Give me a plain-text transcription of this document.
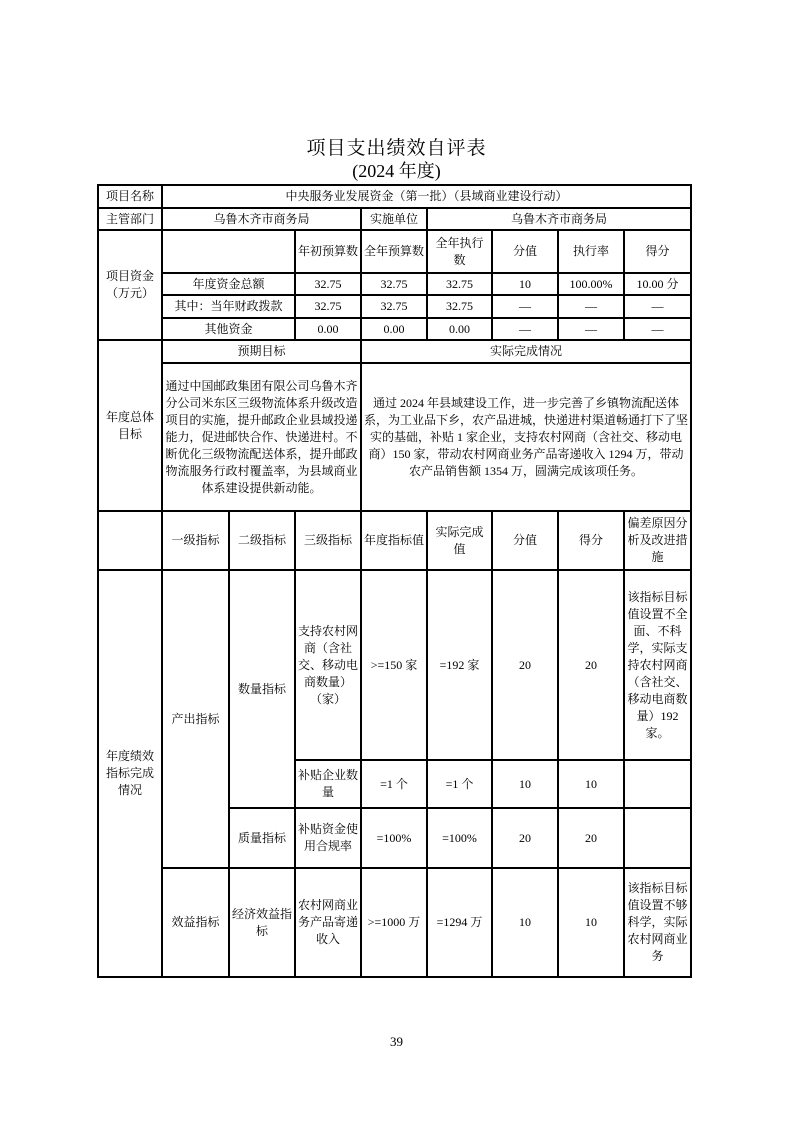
项目支出绩效自评表
(2024 年度)
项目名称	中央服务业发展资金（第一批）（县域商业建设行动）							
主管部门	乌鲁木齐市商务局			实施单位	乌鲁木齐市商务局			
项目资金（万元）			年初预算数	全年预算数	全年执行数	分值	执行率	得分
	年度资金总额		32.75	32.75	32.75	10	100.00%	10.00 分
	其中：当年财政拨款		32.75	32.75	32.75	—	—	—
	其他资金		0.00	0.00	0.00	—	—	—
年度总体目标	预期目标			实际完成情况				
	通过中国邮政集团有限公司乌鲁木齐分公司米东区三级物流体系升级改造项目的实施，提升邮政企业县域投递能力，促进邮快合作、快递进村。不断优化三级物流配送体系，提升邮政物流服务行政村覆盖率，为县域商业体系建设提供新动能。			通过 2024 年县域建设工作，进一步完善了乡镇物流配送体系，为工业品下乡，农产品进城，快递进村渠道畅通打下了坚实的基础，补贴 1 家企业，支持农村网商（含社交、移动电商）150 家，带动农村网商业务产品寄递收入 1294 万，带动农产品销售额 1354 万，圆满完成该项任务。				
	一级指标	二级指标	三级指标	年度指标值	实际完成值	分值	得分	偏差原因分析及改进措施
年度绩效指标完成情况	产出指标	数量指标	支持农村网商（含社交、移动电商数量）（家）	>=150 家	=192 家	20	20	该指标目标值设置不全面、不科学，实际支持农村网商（含社交、移动电商数量）192 家。
			补贴企业数量	=1 个	=1 个	10	10	
		质量指标	补贴资金使用合规率	=100%	=100%	20	20	
	效益指标	经济效益指标	农村网商业务产品寄递收入	>=1000 万	=1294 万	10	10	该指标目标值设置不够科学，实际农村网商业务
39
